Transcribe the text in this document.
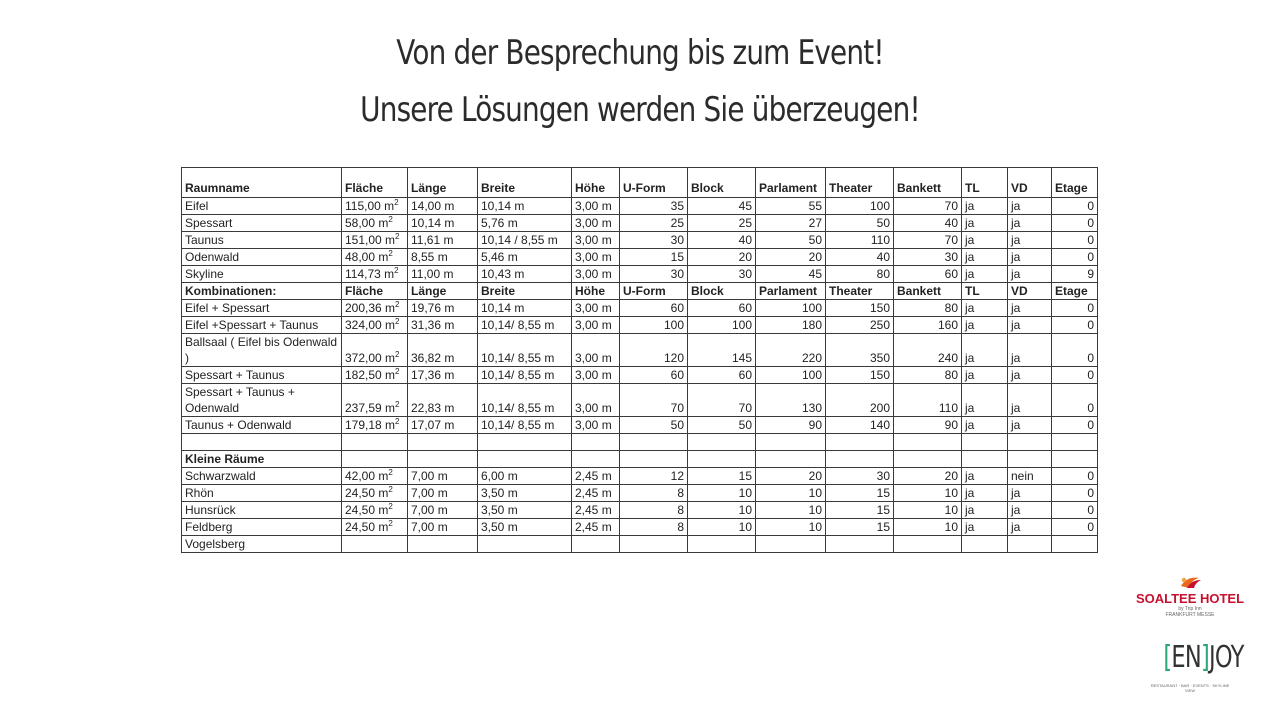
Von der Besprechung bis zum Event!
Unsere Lösungen werden Sie überzeugen!
Raumname	Fläche	Länge	Breite	Höhe	U-Form	Block	Parlament	Theater	Bankett	TL	VD	Etage
Eifel	115,00 $m^2$	14,00 m	10,14 m	3,00 m	35	45	55	100	70	ja	ja	0
Spessart	58,00 $m^2$	10,14 m	5,76 m	3,00 m	25	25	27	50	40	ja	ja	0
Taunus	151,00 $m^2$	11,61 m	10,14 / 8,55 m	3,00 m	30	40	50	110	70	ja	ja	0
Odenwald	48,00 $m^2$	8,55 m	5,46 m	3,00 m	15	20	20	40	30	ja	ja	0
Skyline	114,73 $m^2$	11,00 m	10,43 m	3,00 m	30	30	45	80	60	ja	ja	9
Kombinationen:	Fläche	Länge	Breite	Höhe	U-Form	Block	Parlament	Theater	Bankett	TL	VD	Etage
Eifel + Spessart	200,36 $m^2$	19,76 m	10,14 m	3,00 m	60	60	100	150	80	ja	ja	0
Eifel +Spessart + Taunus	324,00 $m^2$	31,36 m	10,14/ 8,55 m	3,00 m	100	100	180	250	160	ja	ja	0
Ballsaal ( Eifel bis Odenwald )	372,00 $m^2$	36,82 m	10,14/ 8,55 m	3,00 m	120	145	220	350	240	ja	ja	0
Spessart + Taunus	182,50 $m^2$	17,36 m	10,14/ 8,55 m	3,00 m	60	60	100	150	80	ja	ja	0
Spessart + Taunus + Odenwald	237,59 $m^2$	22,83 m	10,14/ 8,55 m	3,00 m	70	70	130	200	110	ja	ja	0
Taunus + Odenwald	179,18 $m^2$	17,07 m	10,14/ 8,55 m	3,00 m	50	50	90	140	90	ja	ja	0

Kleine Räume												
Schwarzwald	42,00 $m^2$	7,00 m	6,00 m	2,45 m	12	15	20	30	20	ja	nein	0
Rhön	24,50 $m^2$	7,00 m	3,50 m	2,45 m	8	10	10	15	10	ja	ja	0
Hunsrück	24,50 $m^2$	7,00 m	3,50 m	2,45 m	8	10	10	15	10	ja	ja	0
Feldberg	24,50 $m^2$	7,00 m	3,50 m	2,45 m	8	10	10	15	10	ja	ja	0
Vogelsberg												
SOALTEE HOTEL
by Trip Inn
FRANKFURT MESSE
[EN]JOY
RESTAURANT · BAR · EVENTS · SKYLINE VIEW
